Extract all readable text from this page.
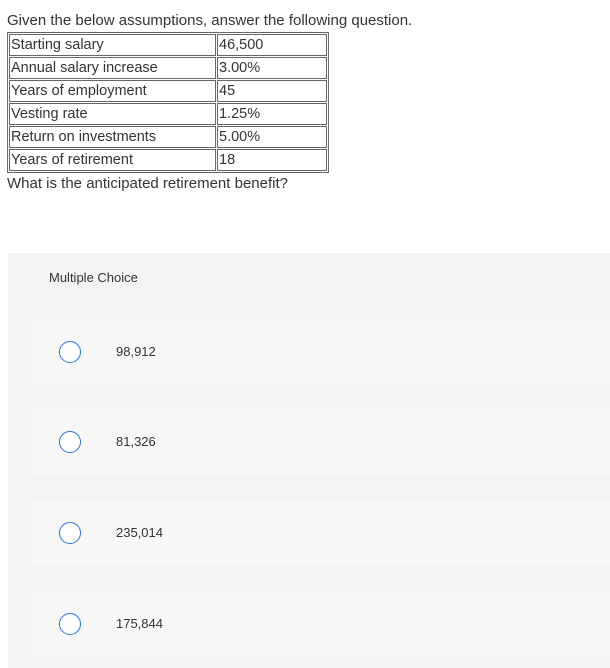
Given the below assumptions, answer the following question.
Starting salary	46,500
Annual salary increase	3.00%
Years of employment	45
Vesting rate	1.25%
Return on investments	5.00%
Years of retirement	18
What is the anticipated retirement benefit?
Multiple Choice
98,912
81,326
235,014
175,844
